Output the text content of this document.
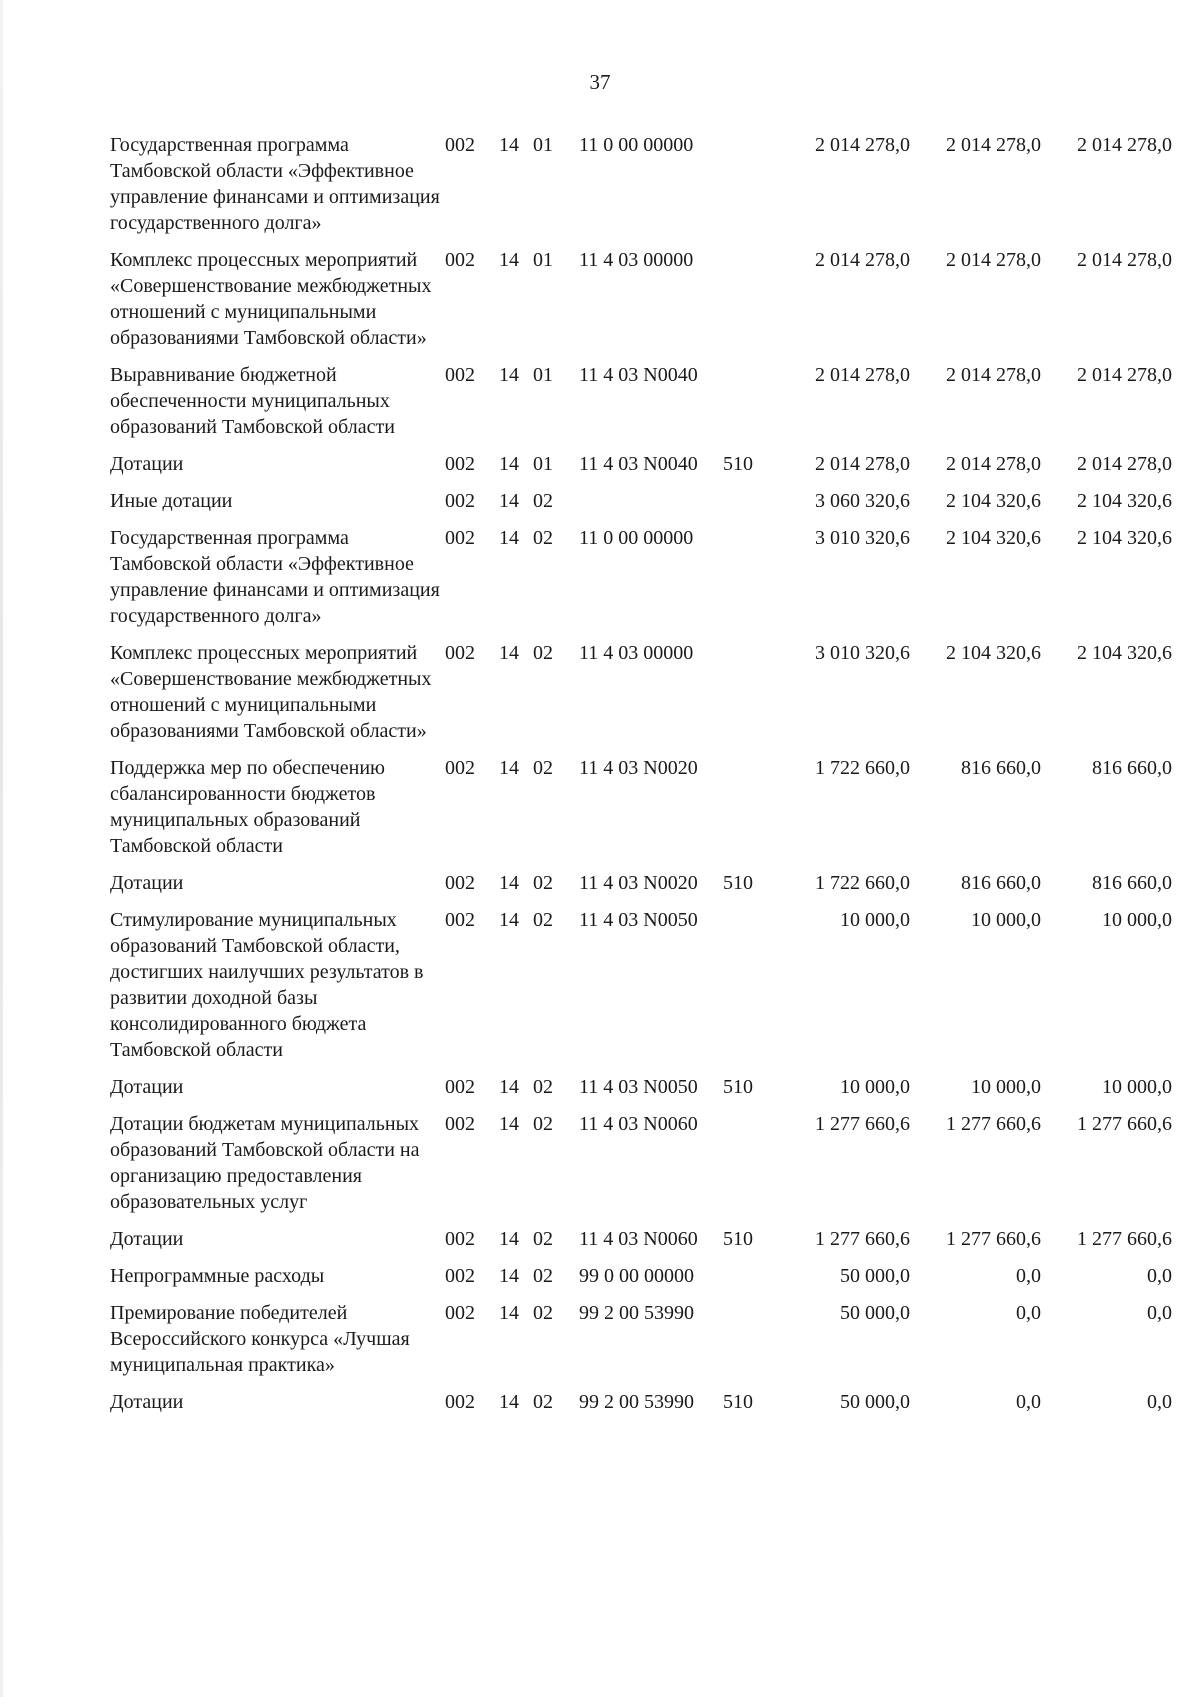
37
Государственная программа Тамбовской области «Эффективное управление финансами и оптимизация государственного долга»	002	14	01	11 0 00 00000		2 014 278,0	2 014 278,0	2 014 278,0
Комплекс процессных мероприятий «Совершенствование межбюджетных отношений с муниципальными образованиями Тамбовской области»	002	14	01	11 4 03 00000		2 014 278,0	2 014 278,0	2 014 278,0
Выравнивание бюджетной обеспеченности муниципальных образований Тамбовской области	002	14	01	11 4 03 N0040		2 014 278,0	2 014 278,0	2 014 278,0
Дотации	002	14	01	11 4 03 N0040	510	2 014 278,0	2 014 278,0	2 014 278,0
Иные дотации	002	14	02			3 060 320,6	2 104 320,6	2 104 320,6
Государственная программа Тамбовской области «Эффективное управление финансами и оптимизация государственного долга»	002	14	02	11 0 00 00000		3 010 320,6	2 104 320,6	2 104 320,6
Комплекс процессных мероприятий «Совершенствование межбюджетных отношений с муниципальными образованиями Тамбовской области»	002	14	02	11 4 03 00000		3 010 320,6	2 104 320,6	2 104 320,6
Поддержка мер по обеспечению сбалансированности бюджетов муниципальных образований Тамбовской области	002	14	02	11 4 03 N0020		1 722 660,0	816 660,0	816 660,0
Дотации	002	14	02	11 4 03 N0020	510	1 722 660,0	816 660,0	816 660,0
Стимулирование муниципальных образований Тамбовской области, достигших наилучших результатов в развитии доходной базы консолидированного бюджета Тамбовской области	002	14	02	11 4 03 N0050		10 000,0	10 000,0	10 000,0
Дотации	002	14	02	11 4 03 N0050	510	10 000,0	10 000,0	10 000,0
Дотации бюджетам муниципальных образований Тамбовской области на организацию предоставления образовательных услуг	002	14	02	11 4 03 N0060		1 277 660,6	1 277 660,6	1 277 660,6
Дотации	002	14	02	11 4 03 N0060	510	1 277 660,6	1 277 660,6	1 277 660,6
Непрограммные расходы	002	14	02	99 0 00 00000		50 000,0	0,0	0,0
Премирование победителей Всероссийского конкурса «Лучшая муниципальная практика»	002	14	02	99 2 00 53990		50 000,0	0,0	0,0
Дотации	002	14	02	99 2 00 53990	510	50 000,0	0,0	0,0
